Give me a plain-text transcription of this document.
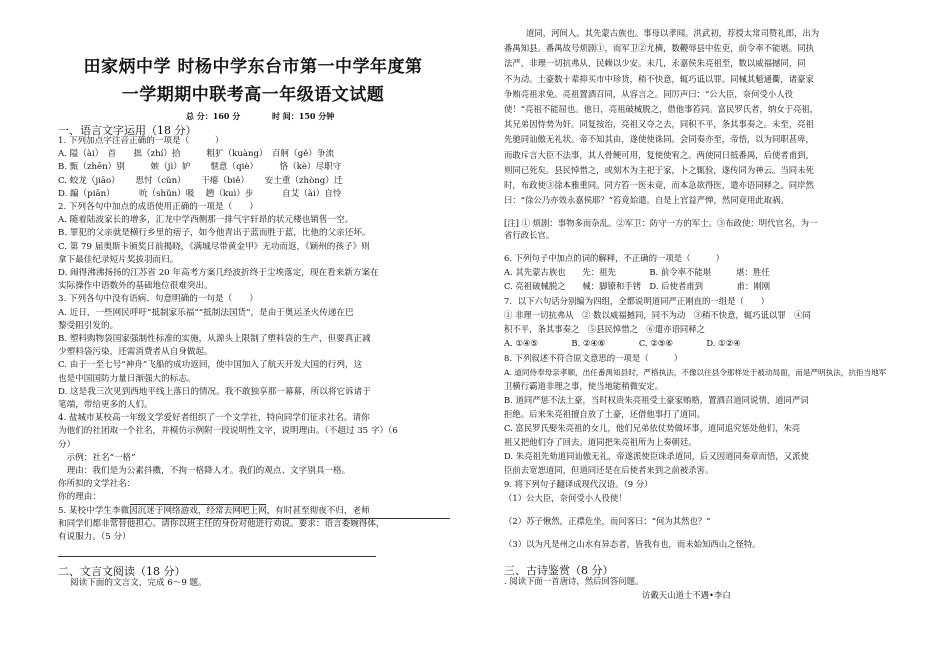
田家炳中学 时杨中学东台市第一中学年度第
一学期期中联考高一年级语文试题
总 分：160 分	时 间：150 分钟
一、语言文字运用（18 分）
1. 下列加点字注音正确的一项是（　　　）
A. 隘（ài）　首　　拙（zhí）拾　　　粗犷（kuàng）　百舸（gě）争流
B. 甄（zhēn）别　　　嫉（jì）妒　　 惬意（qiè）　　　恪（kè）尽职守
C. 蛟龙（jiāo）　　 思忖（cǔn）　　 干瘪（biě）　　 安土重（zhòng）迁
D. 蹁（piān）　　 　吮（shǔn）吸　 趔（kuì）步　　　 自艾（ài）自怜
2. 下列各句中加点的成语使用正确的一项是（　　）
A. 随着陆波家长的增多，汇龙中学西侧那一排气宇轩昂的状元楼也销售一空。
B. 罪犯的父亲就是横行乡里的痞子，如今他青出于蓝而胜于蓝，比他的父亲还坏。
C. 第 79 届奥斯卡颁奖日前揭晓，《满城尽带黄金甲》无功而返，《颖州的孩子》则
拿下最佳纪录短片奖拔羽而归。
D. 闹得沸沸扬扬的江苏省 20 年高考方案几经波折终于尘埃落定，现在看来新方案在
实际操作中语数外的基础地位很难突出。
3. 下列各句中没有语病、句意明确的一句是（　　）
A. 近日，一些网民呼吁“抵制家乐福”“抵制法国货”，是由于奥运圣火传递在巴
黎受阻引发的。
B. 塑料购物袋国家强制性标准的实施，从源头上限制了塑料袋的生产，但要真正减
少塑料袋污染，还需消费者从自身做起。
C. 由于一至七号“神舟”飞船的成功返回，使中国加入了航天开发大国的行列，这
也是中国国防力量日渐强大的标志。
D. 这是我三次见到西地平线上落日的情况。我不敢独享那一幕幕，所以将它诉诸于
笔端，带给更多的人们。
4. 盐城市某校高一年级文学爱好者组织了一个文学社，特向同学们征求社名。请你
为他们的社团取一个社名，并模仿示例附一段说明性文字，说明理由。（不超过 35 字）（6
分）
　示例：社名“一格”
　理由：我们是为公素抖擞，不拘一格降人才。我们的观点、文字别具一格。
你所拟的文学社名：
你的理由：
5. 某校中学生李微因沉迷于网络游戏，经常去网吧上网，有时甚至彻夜不归，老师
和同学们都非常替他担心。请你以班主任的身份对他进行劝说。要求：语言委婉得体，
有说服力。（5 分）
二、文言文阅读（18 分）
阅读下面的文言文，完成 6～9 题。
道同，河间人。其先蒙古族也。事母以孝闻。洪武初，荐授太常司赞礼郎，出为
番禺知县。番禺故号烦剧①，而军卫②尤横，数鞭辱县中佐吏，前令率不能堪。同执
法严，非理一切抗弗从，民赖以少安。未几，永嘉侯朱亮祖至，数以威福撼同，同
不为动。土豪数十辈抑买市中珍货，稍不快意，辄巧诋以罪。同械其魁通衢，诸豪家
争贿亮祖求免。亮祖置酒召同，从容言之。同厉声曰：“公大臣，奈何受小人役
使！”亮祖不能屈也。他日，亮祖破械脱之，借他事笞同。富民罗氏者，纳女于亮祖，
其兄弟因恃势为奸。同复按治，亮祖又夺之去，同积不平，条其事奏之。未至，亮祖
先驰同讪傲无礼状。帝不知其由，遂使使诛同。会同奏亦至，帝悟，以为同职甚卑，
而敢斥言大臣不法事，其人骨鲠可用，复使使宥之。两使同日抵番禺，后使者甫到，
则同已死矣。县民悼惜之，或刻木为主祀于家，卜之辄验，遂传同为神云。当同未死
时，布政使③徐本雅重同。同方笞一医未竟，而本急欲得医，遣亦语同释之。同岸然
曰：“徐公乃亦效永嘉侯耶？”笞竟始遣。自是上官益严惮，然同竟用此取祸。
[注] ① 烦剧：事物多而杂乱。②军卫：防守一方的军士。③布政使：明代官名，为一
省行政长官。
6. 下列句子中加点的词的解释，不正确的一项是（　　　）
A. 其先蒙古族也　　先：祖先　　　　B. 前令率不能堪　　　堪：胜任
C. 亮祖破械脱之　　械：脚镣和手铐　D. 后使者甫到　　　　甫：刚刚
7．以下六句话分别编为四组，全都说明道同严正刚直的一组是（　　）
① 非理一切抗弗从　② 数以威福撼同，同不为动　③稍不快意，辄巧诋以罪　④同
积不平，条其事奏之　⑤县民悼惜之　⑥遣亦语同释之
A. ①④⑤　　　　B. ②④⑥　　　　C. ②⑤⑥　　　　D. ①②④
8. 下列叙述不符合原文意思的一项是（　　　）
A. 道同侍奉母亲孝顺，出任番禺知县时，严格执法，不像以往县令那样处于被动局面，而是严明执法，抗拒当地军
卫横行霸道非理之事，使当地能稍微安定。
B. 道同严惩不法土豪，当时权贵朱亮祖受土豪家贿赂，置酒召道同说情，道同严词
拒绝。后来朱亮祖擅自放了土豪，还借他事打了道同。
C. 富民罗氏娶朱亮祖的女儿，他们兄弟依仗势做坏事，道同追究惩处他们，朱亮
祖又把他们夺了回去。道同把朱亮祖所为上奏朝廷。
D. 朱亮祖先劾道同讪傲无礼，帝遂派使臣诛杀道同，后又因道同奏章而悟，又派使
臣前去宽恕道同，但道同还是在后使者来到之前被杀害。
9. 将下列句子翻译成现代汉语。（9 分）
（1）公大臣，奈何受小人役使！
（2）苏子愀然，正襟危坐，而问客曰：“何为其然也？”
（3）以为凡是州之山水有异态者，皆我有也，而未始知西山之怪特。
三、古诗鉴赏（8 分）
. 阅读下面一首唐诗，然后回答问题。
访戴天山道士不遇•李白
